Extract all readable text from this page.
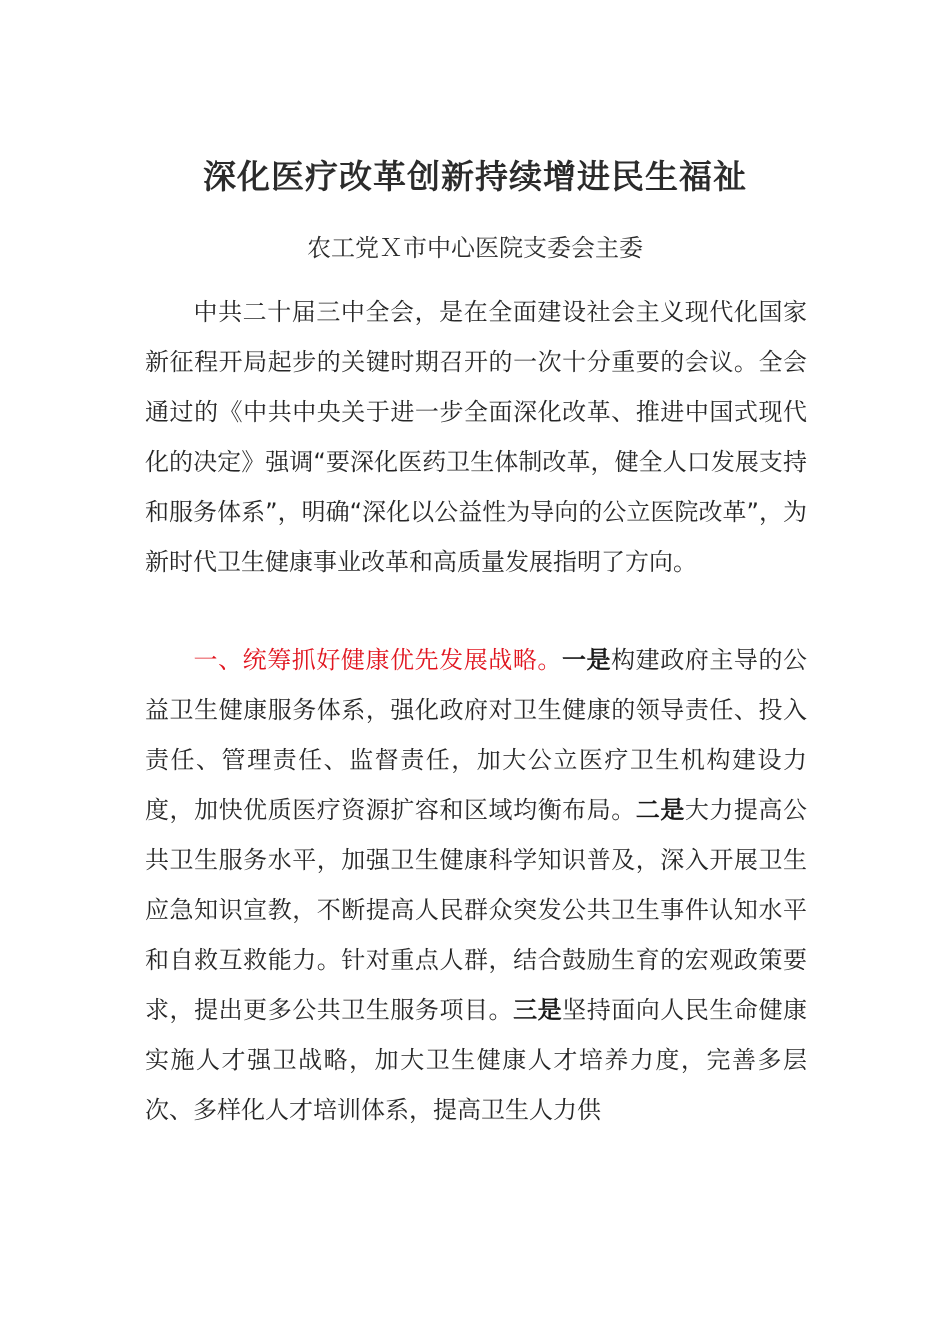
深化医疗改革创新持续增进民生福祉
农工党Ｘ市中心医院支委会主委
中共二十届三中全会，是在全面建设社会主义现代化国家新征程开局起步的关键时期召开的一次十分重要的会议。全会通过的《中共中央关于进一步全面深化改革、推进中国式现代化的决定》强调“要深化医药卫生体制改革，健全人口发展支持和服务体系”，明确“深化以公益性为导向的公立医院改革”，为新时代卫生健康事业改革和高质量发展指明了方向。
一、统筹抓好健康优先发展战略。一是构建政府主导的公益卫生健康服务体系，强化政府对卫生健康的领导责任、投入责任、管理责任、监督责任，加大公立医疗卫生机构建设力度，加快优质医疗资源扩容和区域均衡布局。二是大力提高公共卫生服务水平，加强卫生健康科学知识普及，深入开展卫生应急知识宣教，不断提高人民群众突发公共卫生事件认知水平和自救互救能力。针对重点人群，结合鼓励生育的宏观政策要求，提出更多公共卫生服务项目。三是坚持面向人民生命健康实施人才强卫战略，加大卫生健康人才培养力度，完善多层次、多样化人才培训体系，提高卫生人力供
